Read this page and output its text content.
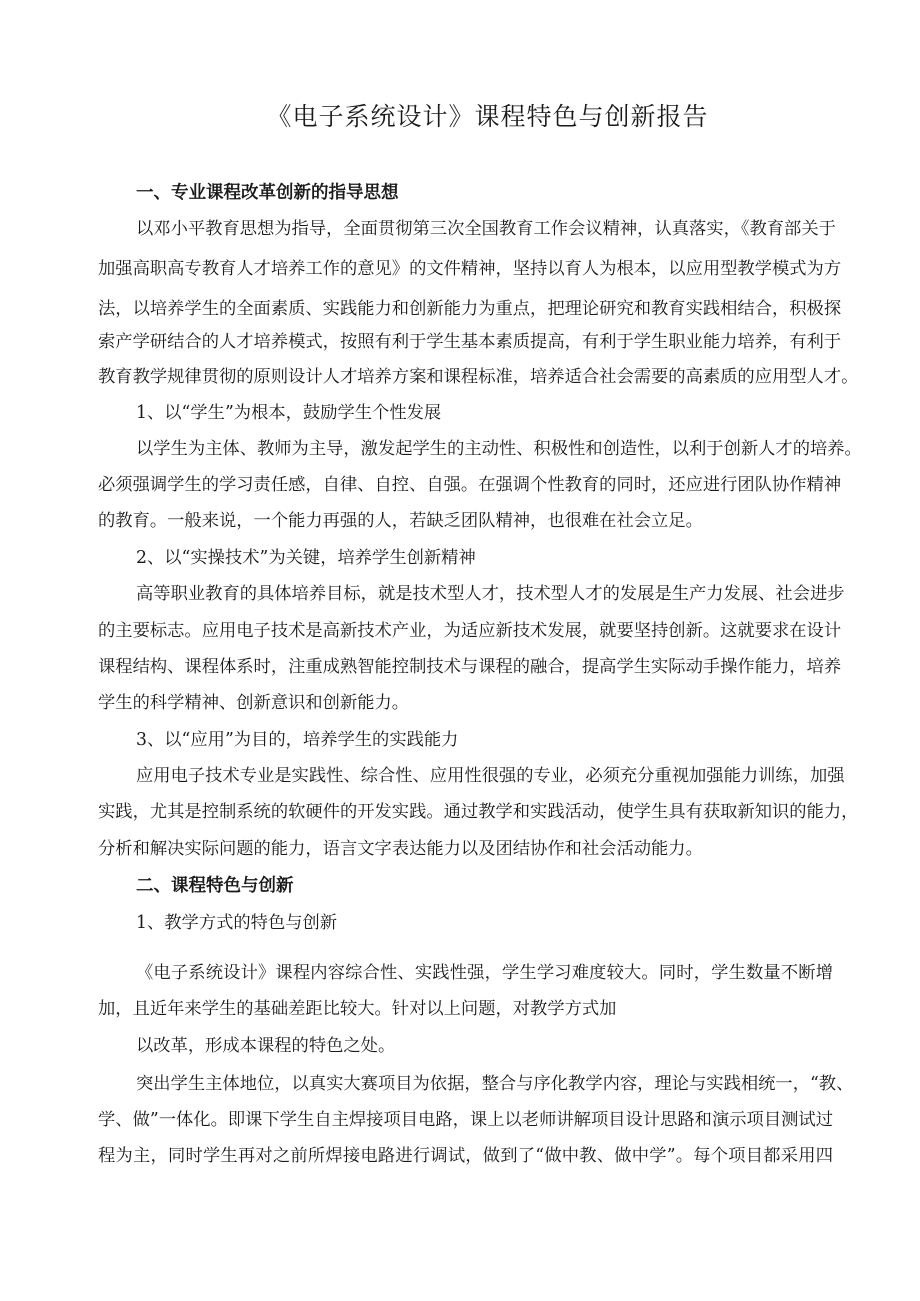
《电子系统设计》课程特色与创新报告
一、专业课程改革创新的指导思想
以邓小平教育思想为指导，全面贯彻第三次全国教育工作会议精神，认真落实，《教育部关于
加强高职高专教育人才培养工作的意见》的文件精神，坚持以育人为根本，以应用型教学模式为方
法，以培养学生的全面素质、实践能力和创新能力为重点，把理论研究和教育实践相结合，积极探
索产学研结合的人才培养模式，按照有利于学生基本素质提高，有利于学生职业能力培养，有利于
教育教学规律贯彻的原则设计人才培养方案和课程标准，培养适合社会需要的高素质的应用型人才。
1、以“学生”为根本，鼓励学生个性发展
以学生为主体、教师为主导，激发起学生的主动性、积极性和创造性，以利于创新人才的培养。
必须强调学生的学习责任感，自律、自控、自强。在强调个性教育的同时，还应进行团队协作精神
的教育。一般来说，一个能力再强的人，若缺乏团队精神，也很难在社会立足。
2、以“实操技术”为关键，培养学生创新精神
高等职业教育的具体培养目标，就是技术型人才，技术型人才的发展是生产力发展、社会进步
的主要标志。应用电子技术是高新技术产业，为适应新技术发展，就要坚持创新。这就要求在设计
课程结构、课程体系时，注重成熟智能控制技术与课程的融合，提高学生实际动手操作能力，培养
学生的科学精神、创新意识和创新能力。
3、以“应用”为目的，培养学生的实践能力
应用电子技术专业是实践性、综合性、应用性很强的专业，必须充分重视加强能力训练，加强
实践，尤其是控制系统的软硬件的开发实践。通过教学和实践活动，使学生具有获取新知识的能力，
分析和解决实际问题的能力，语言文字表达能力以及团结协作和社会活动能力。
二、课程特色与创新
1、教学方式的特色与创新
《电子系统设计》课程内容综合性、实践性强，学生学习难度较大。同时，学生数量不断增
加，且近年来学生的基础差距比较大。针对以上问题，对教学方式加
以改革，形成本课程的特色之处。
突出学生主体地位，以真实大赛项目为依据，整合与序化教学内容，理论与实践相统一，“教、
学、做”一体化。即课下学生自主焊接项目电路，课上以老师讲解项目设计思路和演示项目测试过
程为主，同时学生再对之前所焊接电路进行调试，做到了“做中教、做中学”。每个项目都采用四
